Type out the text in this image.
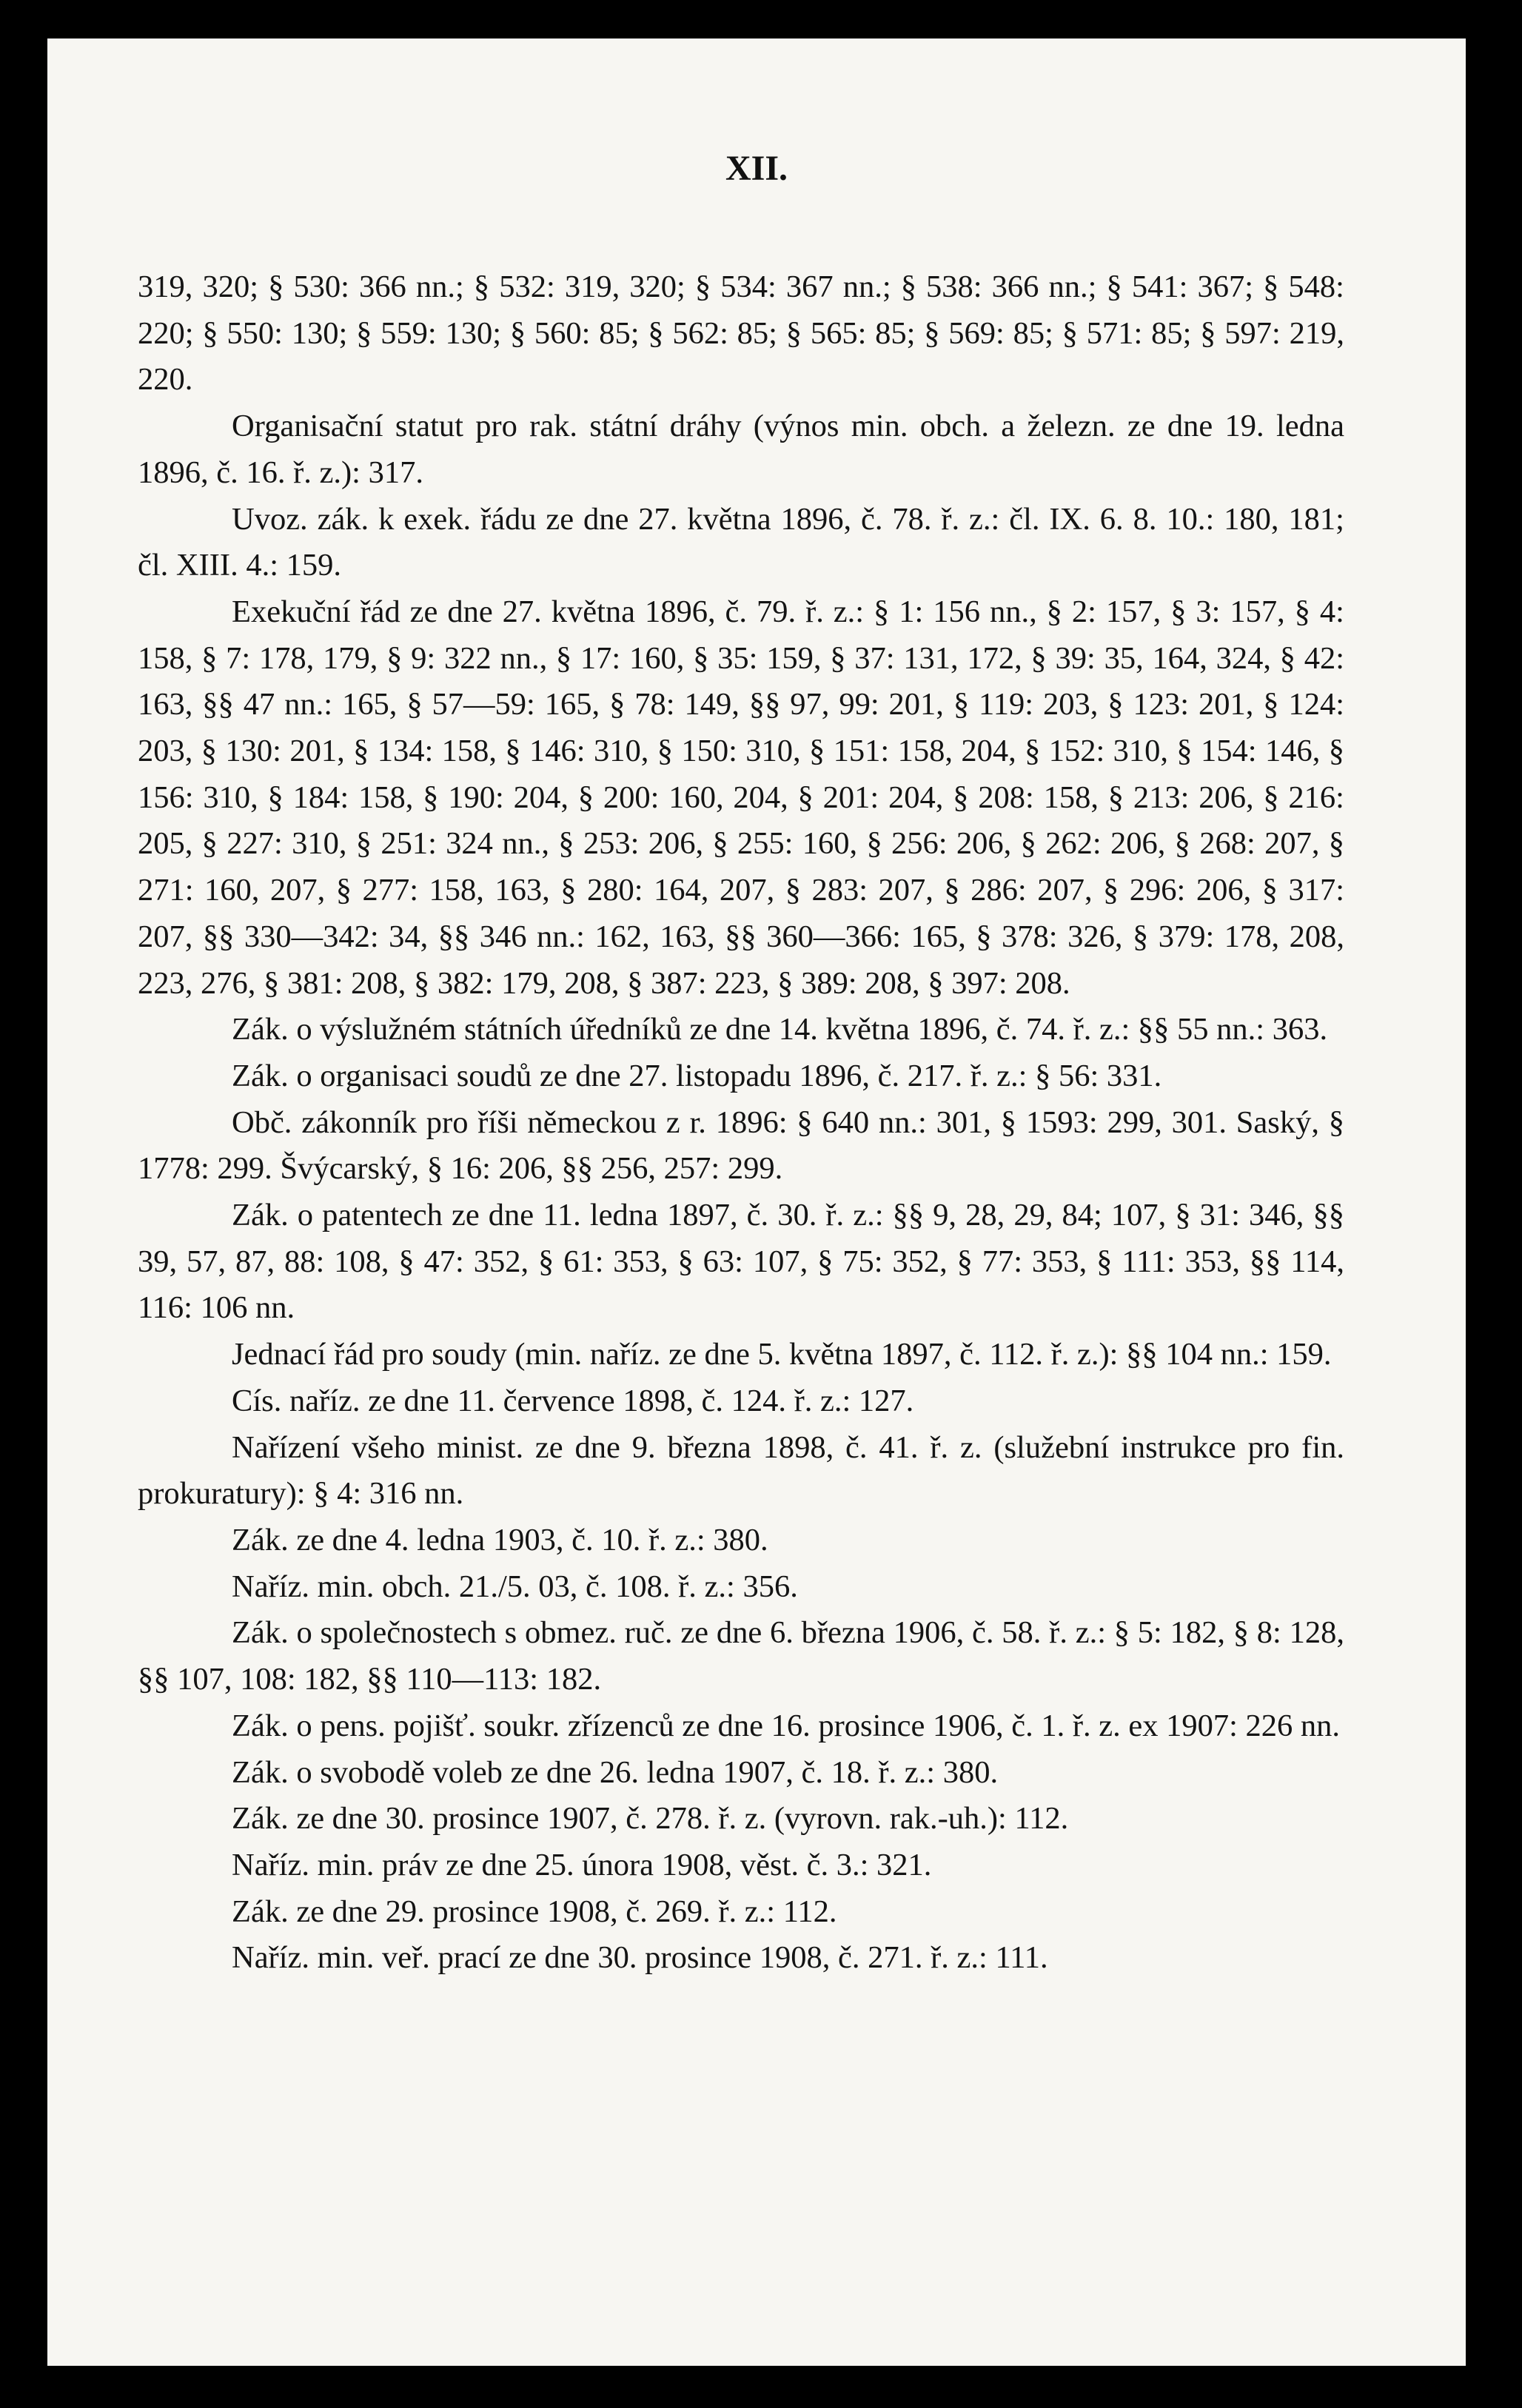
XII.

319, 320; § 530: 366 nn.; § 532: 319, 320; § 534: 367 nn.; § 538: 366 nn.; § 541: 367; § 548: 220; § 550: 130; § 559: 130; § 560: 85; § 562: 85; § 565: 85; § 569: 85; § 571: 85; § 597: 219, 220.

Organisační statut pro rak. státní dráhy (výnos min. obch. a železn. ze dne 19. ledna 1896, č. 16. ř. z.): 317.

Uvoz. zák. k exek. řádu ze dne 27. května 1896, č. 78. ř. z.: čl. IX. 6. 8. 10.: 180, 181; čl. XIII. 4.: 159.

Exekuční řád ze dne 27. května 1896, č. 79. ř. z.: § 1: 156 nn., § 2: 157, § 3: 157, § 4: 158, § 7: 178, 179, § 9: 322 nn., § 17: 160, § 35: 159, § 37: 131, 172, § 39: 35, 164, 324, § 42: 163, §§ 47 nn.: 165, § 57—59: 165, § 78: 149, §§ 97, 99: 201, § 119: 203, § 123: 201, § 124: 203, § 130: 201, § 134: 158, § 146: 310, § 150: 310, § 151: 158, 204, § 152: 310, § 154: 146, § 156: 310, § 184: 158, § 190: 204, § 200: 160, 204, § 201: 204, § 208: 158, § 213: 206, § 216: 205, § 227: 310, § 251: 324 nn., § 253: 206, § 255: 160, § 256: 206, § 262: 206, § 268: 207, § 271: 160, 207, § 277: 158, 163, § 280: 164, 207, § 283: 207, § 286: 207, § 296: 206, § 317: 207, §§ 330—342: 34, §§ 346 nn.: 162, 163, §§ 360—366: 165, § 378: 326, § 379: 178, 208, 223, 276, § 381: 208, § 382: 179, 208, § 387: 223, § 389: 208, § 397: 208.

Zák. o výslužném státních úředníků ze dne 14. května 1896, č. 74. ř. z.: §§ 55 nn.: 363.

Zák. o organisaci soudů ze dne 27. listopadu 1896, č. 217. ř. z.: § 56: 331.

Obč. zákonník pro říši německou z r. 1896: § 640 nn.: 301, § 1593: 299, 301. Saský, § 1778: 299. Švýcarský, § 16: 206, §§ 256, 257: 299.

Zák. o patentech ze dne 11. ledna 1897, č. 30. ř. z.: §§ 9, 28, 29, 84; 107, § 31: 346, §§ 39, 57, 87, 88: 108, § 47: 352, § 61: 353, § 63: 107, § 75: 352, § 77: 353, § 111: 353, §§ 114, 116: 106 nn.

Jednací řád pro soudy (min. naříz. ze dne 5. května 1897, č. 112. ř. z.): §§ 104 nn.: 159.

Cís. naříz. ze dne 11. července 1898, č. 124. ř. z.: 127.

Nařízení všeho minist. ze dne 9. března 1898, č. 41. ř. z. (služební instrukce pro fin. prokuratury): § 4: 316 nn.

Zák. ze dne 4. ledna 1903, č. 10. ř. z.: 380.

Naříz. min. obch. 21./5. 03, č. 108. ř. z.: 356.

Zák. o společnostech s obmez. ruč. ze dne 6. března 1906, č. 58. ř. z.: § 5: 182, § 8: 128, §§ 107, 108: 182, §§ 110—113: 182.

Zák. o pens. pojišť. soukr. zřízenců ze dne 16. prosince 1906, č. 1. ř. z. ex 1907: 226 nn.

Zák. o svobodě voleb ze dne 26. ledna 1907, č. 18. ř. z.: 380.

Zák. ze dne 30. prosince 1907, č. 278. ř. z. (vyrovn. rak.-uh.): 112.

Naříz. min. práv ze dne 25. února 1908, věst. č. 3.: 321.

Zák. ze dne 29. prosince 1908, č. 269. ř. z.: 112.

Naříz. min. veř. prací ze dne 30. prosince 1908, č. 271. ř. z.: 111.
